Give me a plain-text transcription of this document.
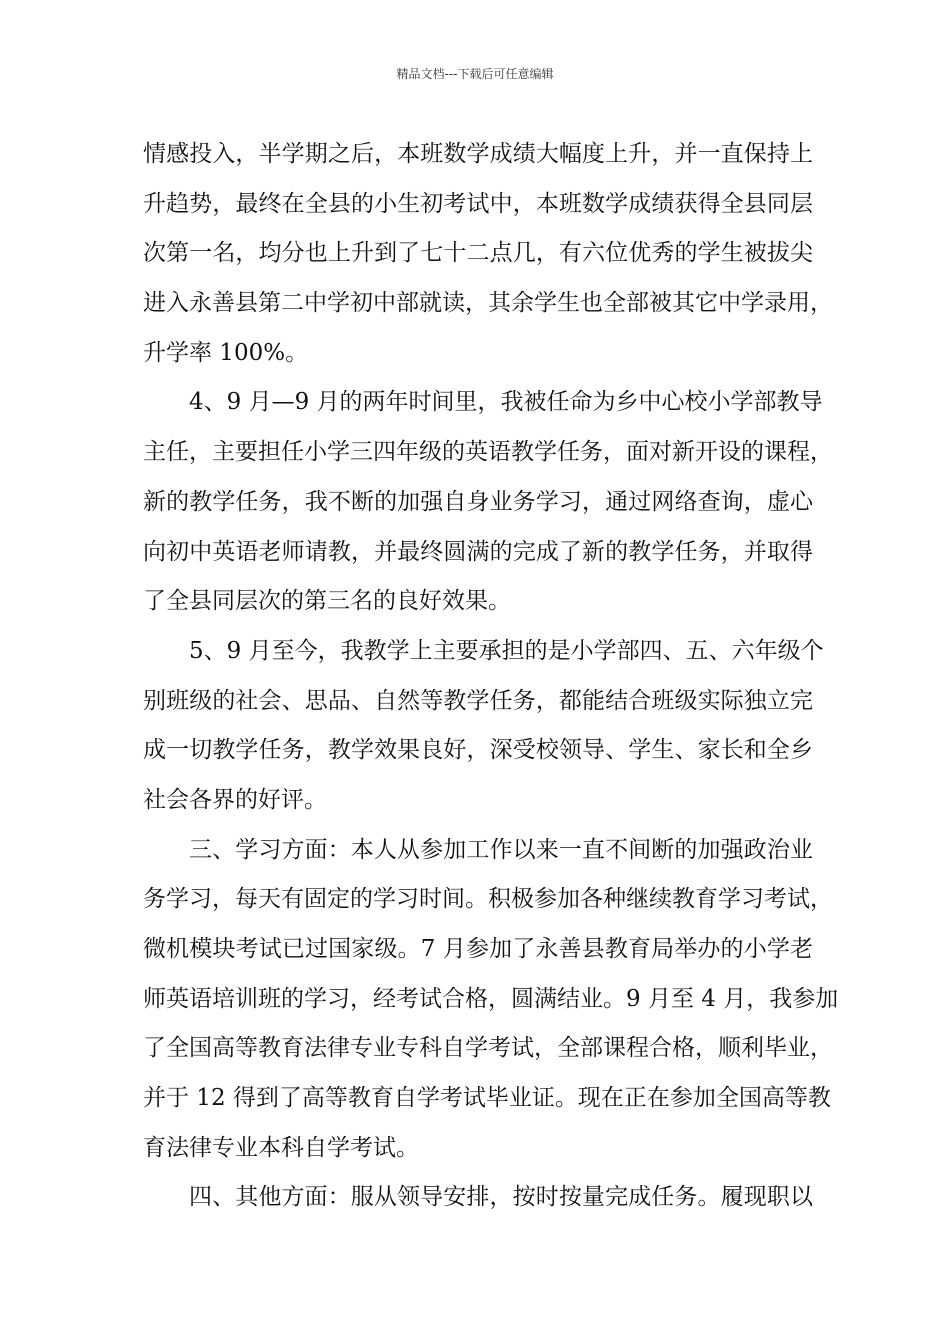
精品文档---下载后可任意编辑
情感投入，半学期之后，本班数学成绩大幅度上升，并一直保持上
升趋势，最终在全县的小生初考试中，本班数学成绩获得全县同层
次第一名，均分也上升到了七十二点几，有六位优秀的学生被拔尖
进入永善县第二中学初中部就读，其余学生也全部被其它中学录用，
升学率 100%。
4、9 月—9 月的两年时间里，我被任命为乡中心校小学部教导
主任，主要担任小学三四年级的英语教学任务，面对新开设的课程，
新的教学任务，我不断的加强自身业务学习，通过网络查询，虚心
向初中英语老师请教，并最终圆满的完成了新的教学任务，并取得
了全县同层次的第三名的良好效果。
5、9 月至今，我教学上主要承担的是小学部四、五、六年级个
别班级的社会、思品、自然等教学任务，都能结合班级实际独立完
成一切教学任务，教学效果良好，深受校领导、学生、家长和全乡
社会各界的好评。
三、学习方面：本人从参加工作以来一直不间断的加强政治业
务学习，每天有固定的学习时间。积极参加各种继续教育学习考试，
微机模块考试已过国家级。7 月参加了永善县教育局举办的小学老
师英语培训班的学习，经考试合格，圆满结业。9 月至 4 月，我参加
了全国高等教育法律专业专科自学考试，全部课程合格，顺利毕业，
并于 12 得到了高等教育自学考试毕业证。现在正在参加全国高等教
育法律专业本科自学考试。
四、其他方面：服从领导安排，按时按量完成任务。履现职以
